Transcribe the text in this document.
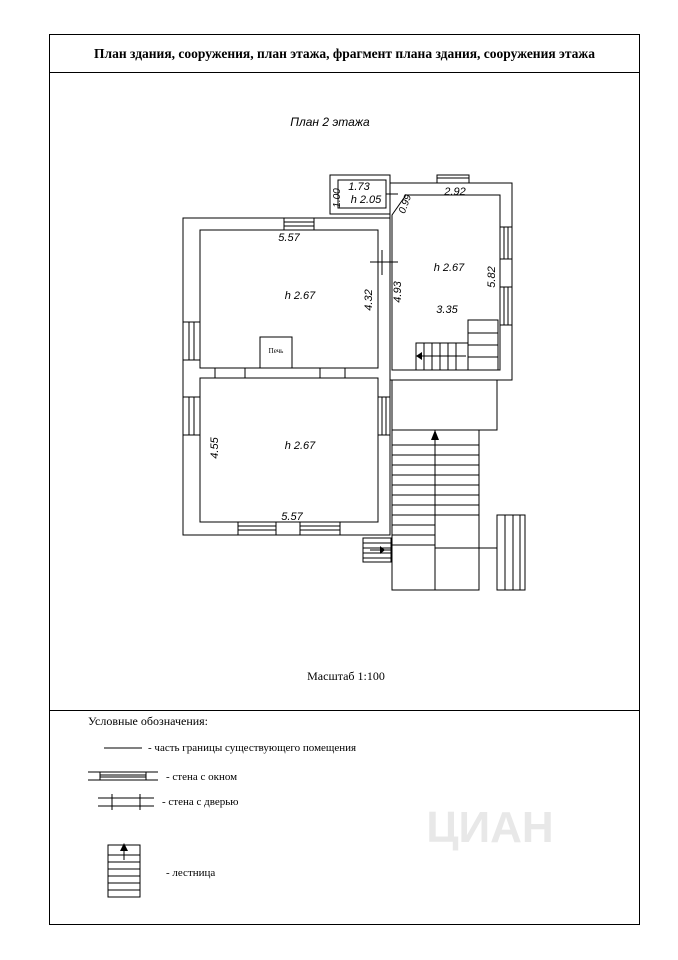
План здания, сооружения, план этажа, фрагмент плана здания, сооружения этажа
План 2 этажа
5.57
h 2.67	4.32
Печь
h 2.67
4.55
5.57
2.92
h 2.67
4.93
5.82
3.35
1.73
h 2.05
1.00	0.99
Масштаб 1:100
Условные обозначения:
- часть границы существующего помещения
- стена с окном
- стена с дверью
- лестница
ЦИАН
